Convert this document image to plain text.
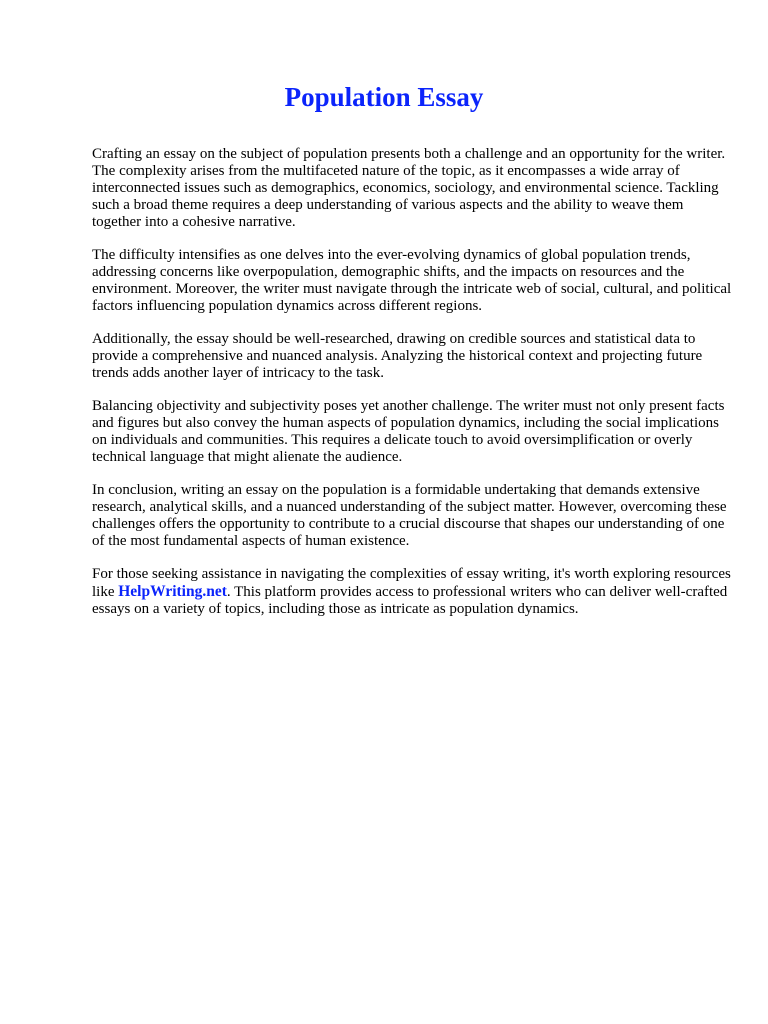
Population Essay

Crafting an essay on the subject of population presents both a challenge and an opportunity for the writer. The complexity arises from the multifaceted nature of the topic, as it encompasses a wide array of interconnected issues such as demographics, economics, sociology, and environmental science. Tackling such a broad theme requires a deep understanding of various aspects and the ability to weave them together into a cohesive narrative.

The difficulty intensifies as one delves into the ever-evolving dynamics of global population trends, addressing concerns like overpopulation, demographic shifts, and the impacts on resources and the environment. Moreover, the writer must navigate through the intricate web of social, cultural, and political factors influencing population dynamics across different regions.

Additionally, the essay should be well-researched, drawing on credible sources and statistical data to provide a comprehensive and nuanced analysis. Analyzing the historical context and projecting future trends adds another layer of intricacy to the task.

Balancing objectivity and subjectivity poses yet another challenge. The writer must not only present facts and figures but also convey the human aspects of population dynamics, including the social implications on individuals and communities. This requires a delicate touch to avoid oversimplification or overly technical language that might alienate the audience.

In conclusion, writing an essay on the population is a formidable undertaking that demands extensive research, analytical skills, and a nuanced understanding of the subject matter. However, overcoming these challenges offers the opportunity to contribute to a crucial discourse that shapes our understanding of one of the most fundamental aspects of human existence.

For those seeking assistance in navigating the complexities of essay writing, it's worth exploring resources like HelpWriting.net. This platform provides access to professional writers who can deliver well-crafted essays on a variety of topics, including those as intricate as population dynamics.
